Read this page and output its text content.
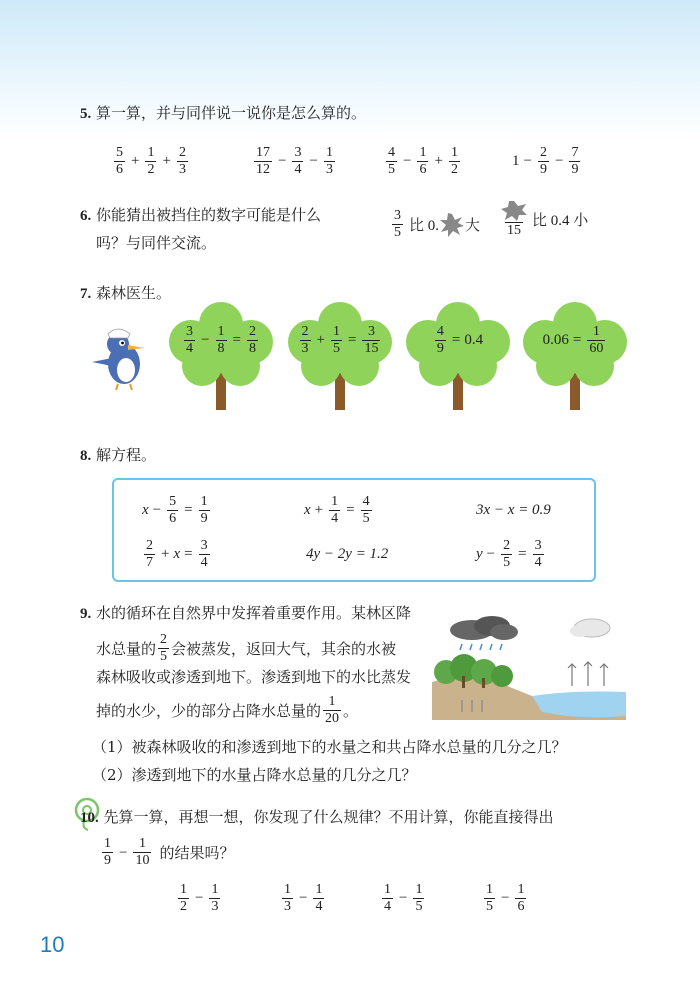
5. 算一算，并与同伴说一说你是怎么算的。
$\frac{5}{6} + \frac{1}{2} + \frac{2}{3}$	$\frac{17}{12} - \frac{3}{4} - \frac{1}{3}$	$\frac{4}{5} - \frac{1}{6} + \frac{1}{2}$	$1 - \frac{2}{9} - \frac{7}{9}$
6. 你能猜出被挡住的数字可能是什么
吗？与同伴交流。
$\frac{3}{5}$ 比 0. 大 15
比 0.4 小
7. 森林医生。
$\frac{3}{4} - \frac{1}{8} = \frac{2}{8}$	$\frac{2}{3} + \frac{1}{5} = \frac{3}{15}$	$\frac{4}{9} = 0.4$	$0.06 = \frac{1}{60}$
8. 解方程。
$x - \frac{5}{6} = \frac{1}{9}$	$x + \frac{1}{4} = \frac{4}{5}$	3x − x = 0.9
$\frac{2}{7} + x = \frac{3}{4}$	4y − 2y = 1.2	$y - \frac{2}{5} = \frac{3}{4}$
9. 水的循环在自然界中发挥着重要作用。某林区降
水总量的 $\frac{2}{5}$ 会被蒸发，返回大气，其余的水被
森林吸收或渗透到地下。渗透到地下的水比蒸发
掉的水少，少的部分占降水总量的 $\frac{1}{20}$ 。
（1）被森林吸收的和渗透到地下的水量之和共占降水总量的几分之几？
（2）渗透到地下的水量占降水总量的几分之几？
10. 先算一算，再想一想，你发现了什么规律？不用计算，你能直接得出
$\frac{1}{9} - \frac{1}{10}$ 的结果吗？
$\frac{1}{2} - \frac{1}{3}$	$\frac{1}{3} - \frac{1}{4}$	$\frac{1}{4} - \frac{1}{5}$	$\frac{1}{5} - \frac{1}{6}$
10
